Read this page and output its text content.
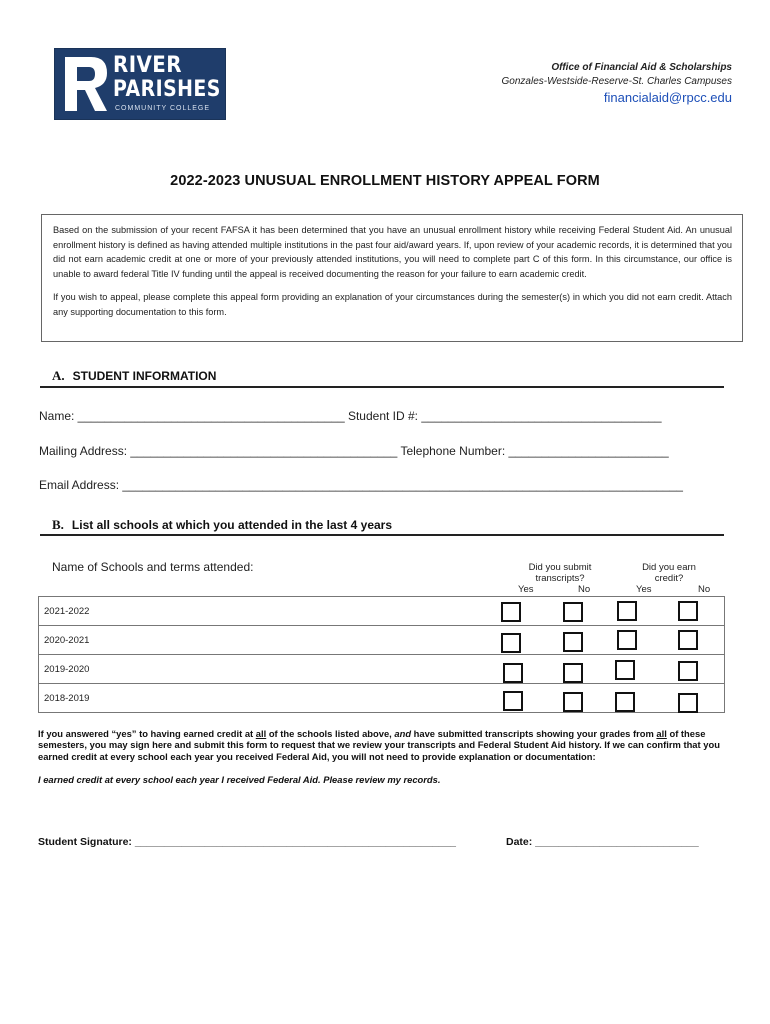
RIVER
PARISHES
COMMUNITY COLLEGE
Office of Financial Aid & Scholarships
Gonzales-Westside-Reserve-St. Charles Campuses
financialaid@rpcc.edu
2022-2023 UNUSUAL ENROLLMENT HISTORY APPEAL FORM

Based on the submission of your recent FAFSA it has been determined that you have an unusual enrollment history while receiving Federal Student Aid. An unusual enrollment history is defined as having attended multiple institutions in the past four aid/award years. If, upon review of your academic records, it is determined that you did not earn academic credit at one or more of your previously attended institutions, you will need to complete part C of this form. In this circumstance, our office is unable to award federal Title IV funding until the appeal is received documenting the reason for your failure to earn academic credit.

If you wish to appeal, please complete this appeal form providing an explanation of your circumstances during the semester(s) in which you did not earn credit. Attach any supporting documentation to this form.

A. STUDENT INFORMATION
Name: ________________________________________ Student ID #: ____________________________________
Mailing Address: ________________________________________ Telephone Number: ________________________
Email Address: ____________________________________________________________________________________
B. List all schools at which you attended in the last 4 years
Name of Schools and terms attended:	Did you submit transcripts?
Yes	No
Did you earn credit?
Yes	No
2021-2022	
2020-2021	
2019-2020	
2018-2019	
If you answered “yes” to having earned credit at all of the schools listed above, and have submitted transcripts showing your grades from all of these semesters, you may sign here and submit this form to request that we review your transcripts and Federal Student Aid history. If we can confirm that you earned credit at every school each year you received Federal Aid, you will not need to provide explanation or documentation:
I earned credit at every school each year I received Federal Aid. Please review my records.
Student Signature: _______________________________________________________	Date: ____________________________
